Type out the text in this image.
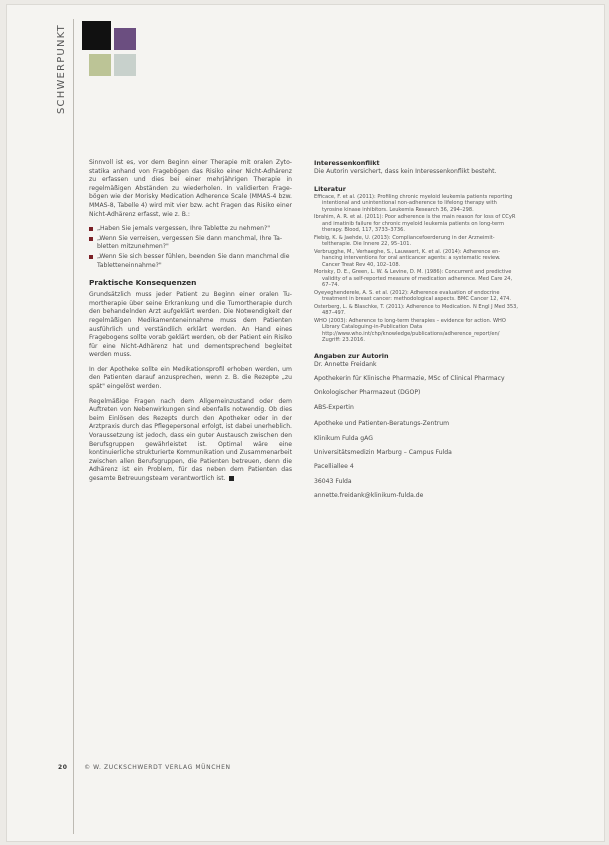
SCHWERPUNKT

Sinnvoll ist es, vor dem Beginn einer Therapie mit oralen Zytostatika anhand von Fragebögen das Risiko einer Nicht-Adhärenz zu erfassen und dies bei einer mehrjährigen Therapie in regelmäßigen Abständen zu wiederholen. In validierten Fragebögen wie der Morisky Medication Adherence Scale (MMAS-4 bzw. MMAS-8, Tabelle 4) wird mit vier bzw. acht Fragen das Risiko einer Nicht-Adhärenz erfasst, wie z. B.:

„Haben Sie jemals vergessen, Ihre Tablette zu nehmen?"
„Wenn Sie verreisen, vergessen Sie dann manchmal, Ihre Tabletten mitzunehmen?"
„Wenn Sie sich besser fühlen, beenden Sie dann manchmal die Tabletteneinnahme?"
Praktische Konsequenzen

Grundsätzlich muss jeder Patient zu Beginn einer oralen Tumortherapie über seine Erkrankung und die Tumortherapie durch den behandelnden Arzt aufgeklärt werden. Die Notwendigkeit der regelmäßigen Medikamenteneinnahme muss dem Patienten ausführlich und verständlich erklärt werden. An Hand eines Fragebogens sollte vorab geklärt werden, ob der Patient ein Risiko für eine Nicht-Adhärenz hat und dementsprechend begleitet werden muss.

In der Apotheke sollte ein Medikationsprofil erhoben werden, um den Patienten darauf anzusprechen, wenn z. B. die Rezepte „zu spät" eingelöst werden.

Regelmäßige Fragen nach dem Allgemeinzustand oder dem Auftreten von Nebenwirkungen sind ebenfalls notwendig. Ob dies beim Einlösen des Rezepts durch den Apotheker oder in der Arztpraxis durch das Pflegepersonal erfolgt, ist dabei unerheblich. Voraussetzung ist jedoch, dass ein guter Austausch zwischen den Berufsgruppen gewährleistet ist. Optimal wäre eine kontinuierliche strukturierte Kommunikation und Zusammenarbeit zwischen allen Berufsgruppen, die Patienten betreuen, denn die Adhärenz ist ein Problem, für das neben dem Patienten das gesamte Betreuungsteam verantwortlich ist.

Interessenkonflikt
Die Autorin versichert, dass kein Interessenkonflikt besteht.
Literatur
Efficace, F. et al. (2011): Profiling chronic myeloid leukemia patients reporting intentional and unintentional non-adherence to lifelong therapy with tyrosine kinase inhibitors. Leukemia Research 36, 294–298.
Ibrahim, A. R. et al. (2011): Poor adherence is the main reason for loss of CCyR and imatinib failure for chronic myeloid leukemia patients on long-term therapy. Blood, 117, 3733–3736.
Fiebig, K. & Jaehde, U. (2013): Compliancefoerderung in der Arzneimitteltherapie. Die Innere 22, 95–101.
Verbrugghe, M., Verhaeghe, S., Lauwaert, K. et al. (2014): Adherence enhancing interventions for oral anticancer agents: a systematic review. Cancer Treat Rev 40, 102–108.
Morisky, D. E., Green, L. W. & Levine, D. M. (1986): Concurrent and predictive validity of a self-reported measure of medication adherence. Med Care 24, 67–74.
Oyeyeghenderele, A. S. et al. (2012): Adherence evaluation of endocrine treatment in breast cancer: methodological aspects. BMC Cancer 12, 474.
Osterberg, L. & Blaschke, T. (2011): Adherence to Medication. N Engl J Med 353, 487–497.
WHO (2003): Adherence to long-term therapies – evidence for action. WHO Library Cataloguing-in-Publication Data http://www.who.int/chp/knowledge/publications/adherence_report/en/ Zugriff: 23.2016.
Angaben zur Autorin

Dr. Annette Freidank

Apothekerin für Klinische Pharmazie, MSc of Clinical Pharmacy

Onkologischer Pharmazeut (DGOP)

ABS-Expertin

Apotheke und Patienten-Beratungs-Zentrum

Klinikum Fulda gAG

Universitätsmedizin Marburg – Campus Fulda

Pacelliallee 4

36043 Fulda

annette.freidank@klinikum-fulda.de

20	© W. ZUCKSCHWERDT VERLAG MÜNCHEN
